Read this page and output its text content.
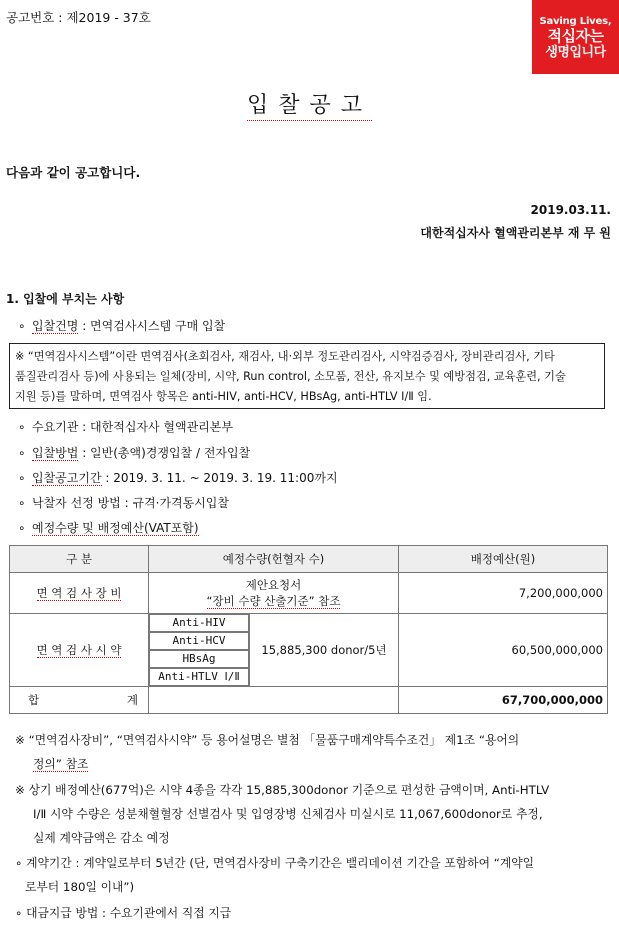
공고번호 : 제2019 - 37호	Saving Lives,
적십자는
생명입니다
입찰공고
다음과 같이 공고합니다.
2019.03.11.
대한적십자사 혈액관리본부 재 무 원
1. 입찰에 부치는 사항
∘ 입찰건명 : 면역검사시스템 구매 입찰
※ “면역검사시스템”이란 면역검사(초회검사, 재검사, 내·외부 정도관리검사, 시약검증검사, 장비관리검사, 기타
품질관리검사 등)에 사용되는 일체(장비, 시약, Run control, 소모품, 전산, 유지보수 및 예방점검, 교육훈련, 기술
지원 등)를 말하며, 면역검사 항목은 anti-HIV, anti-HCV, HBsAg, anti-HTLV Ⅰ/Ⅱ 임.
∘ 수요기관 : 대한적십자사 혈액관리본부
∘ 입찰방법 : 일반(총액)경쟁입찰 / 전자입찰
∘ 입찰공고기간 : 2019. 3. 11. ~ 2019. 3. 19. 11:00까지
∘ 낙찰자 선정 방법 : 규격·가격동시입찰
∘ 예정수량 및 배정예산(VAT포함)
구 분	예정수량(헌혈자 수)		배정예산(원)
면 역 검 사 장 비	제안요청서
“장비 수량 산출기준” 참조		7,200,000,000
면 역 검 사 시 약	Anti-HIV
Anti-HCV
HBsAg
Anti-HTLV Ⅰ/Ⅱ	15,885,300 donor/5년	60,500,000,000
합 계			67,700,000,000
※ “면역검사장비”, “면역검사시약” 등 용어설명은 별첨 「물품구매계약특수조건」 제1조 “용어의
정의” 참조
※ 상기 배정예산(677억)은 시약 4종을 각각 15,885,300donor 기준으로 편성한 금액이며, Anti-HTLV
Ⅰ/Ⅱ 시약 수량은 성분채혈혈장 선별검사 및 입영장병 신체검사 미실시로 11,067,600donor로 추정,
실제 계약금액은 감소 예정
∘ 계약기간 : 계약일로부터 5년간 (단, 면역검사장비 구축기간은 밸리데이션 기간을 포함하여 “계약일
로부터 180일 이내”)
∘ 대금지급 방법 : 수요기관에서 직접 지급
